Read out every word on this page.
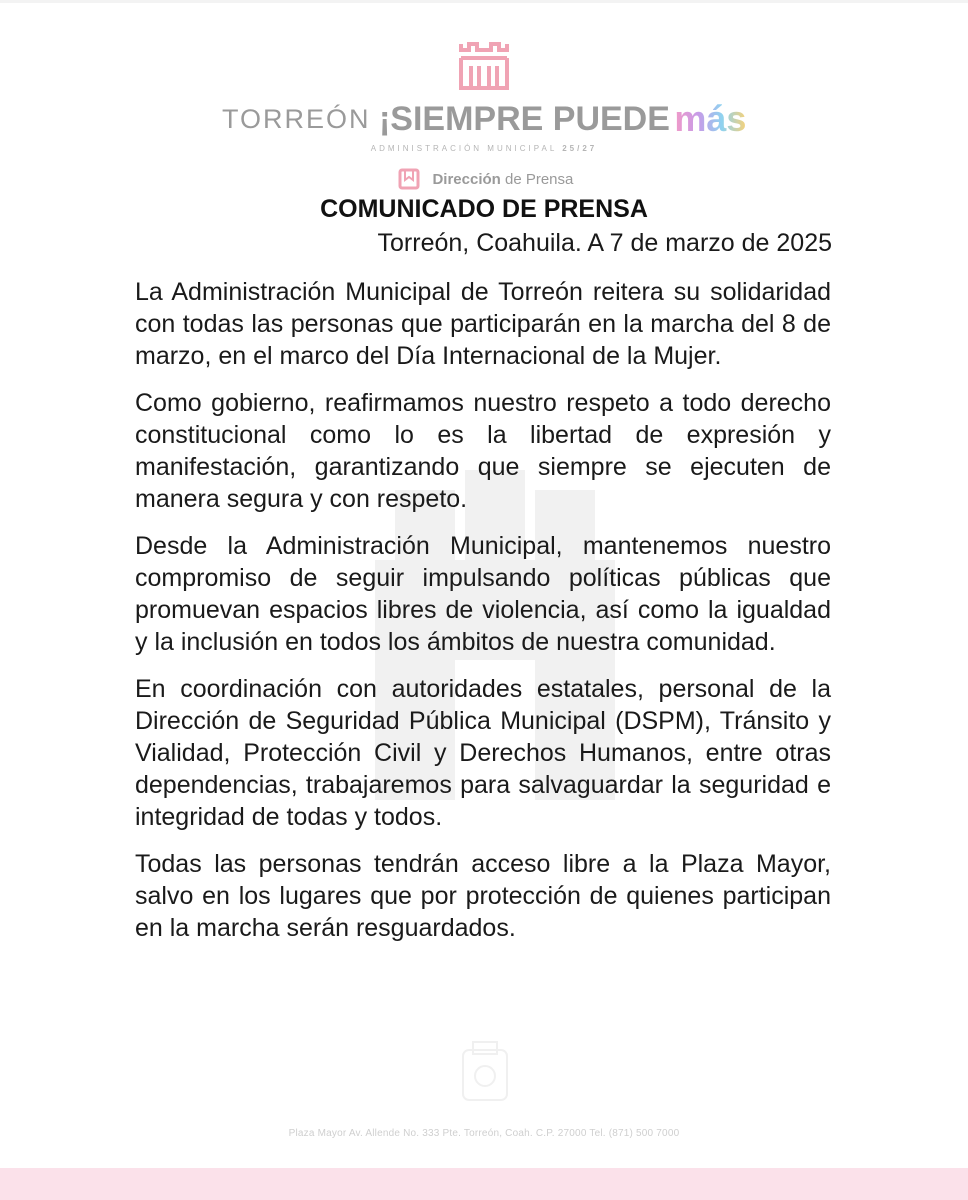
TORREÓN ¡SIEMPRE PUEDE más
ADMINISTRACIÓN MUNICIPAL 25/27
Dirección de Prensa
COMUNICADO DE PRENSA
Torreón, Coahuila. A 7 de marzo de 2025

La Administración Municipal de Torreón reitera su solidaridad con todas las personas que participarán en la marcha del 8 de marzo, en el marco del Día Internacional de la Mujer.

Como gobierno, reafirmamos nuestro respeto a todo derecho constitucional como lo es la libertad de expresión y manifestación, garantizando que siempre se ejecuten de manera segura y con respeto.

Desde la Administración Municipal, mantenemos nuestro compromiso de seguir impulsando políticas públicas que promuevan espacios libres de violencia, así como la igualdad y la inclusión en todos los ámbitos de nuestra comunidad.

En coordinación con autoridades estatales, personal de la Dirección de Seguridad Pública Municipal (DSPM), Tránsito y Vialidad, Protección Civil y Derechos Humanos, entre otras dependencias, trabajaremos para salvaguardar la seguridad e integridad de todas y todos.

Todas las personas tendrán acceso libre a la Plaza Mayor, salvo en los lugares que por protección de quienes participan en la marcha serán resguardados.

Plaza Mayor Av. Allende No. 333 Pte. Torreón, Coah. C.P. 27000 Tel. (871) 500 7000
